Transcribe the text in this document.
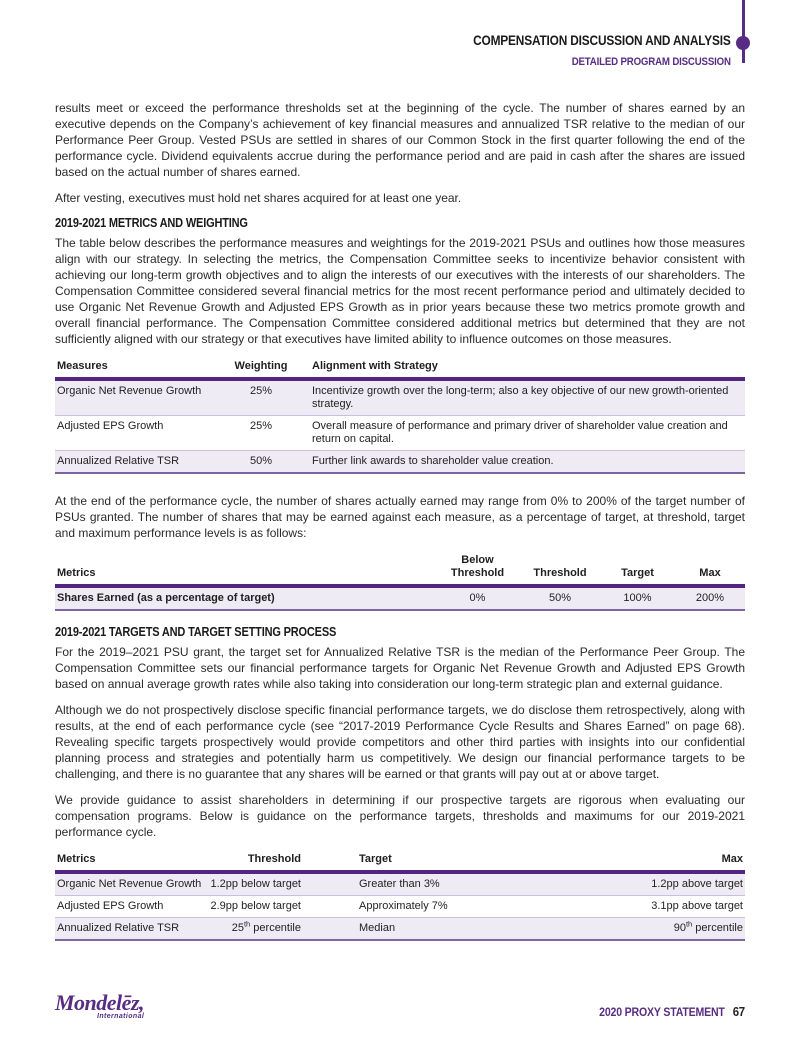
COMPENSATION DISCUSSION AND ANALYSIS
DETAILED PROGRAM DISCUSSION

results meet or exceed the performance thresholds set at the beginning of the cycle. The number of shares earned by an executive depends on the Company’s achievement of key financial measures and annualized TSR relative to the median of our Performance Peer Group. Vested PSUs are settled in shares of our Common Stock in the first quarter following the end of the performance cycle. Dividend equivalents accrue during the performance period and are paid in cash after the shares are issued based on the actual number of shares earned.

After vesting, executives must hold net shares acquired for at least one year.

2019-2021 METRICS AND WEIGHTING

The table below describes the performance measures and weightings for the 2019-2021 PSUs and outlines how those measures align with our strategy. In selecting the metrics, the Compensation Committee seeks to incentivize behavior consistent with achieving our long-term growth objectives and to align the interests of our executives with the interests of our shareholders. The Compensation Committee considered several financial metrics for the most recent performance period and ultimately decided to use Organic Net Revenue Growth and Adjusted EPS Growth as in prior years because these two metrics promote growth and overall financial performance. The Compensation Committee considered additional metrics but determined that they are not sufficiently aligned with our strategy or that executives have limited ability to influence outcomes on those measures.

Measures	Weighting	Alignment with Strategy
Organic Net Revenue Growth	25%	Incentivize growth over the long-term; also a key objective of our new growth-oriented strategy.
Adjusted EPS Growth	25%	Overall measure of performance and primary driver of shareholder value creation and return on capital.
Annualized Relative TSR	50%	Further link awards to shareholder value creation.

At the end of the performance cycle, the number of shares actually earned may range from 0% to 200% of the target number of PSUs granted. The number of shares that may be earned against each measure, as a percentage of target, at threshold, target and maximum performance levels is as follows:

Metrics	Below Threshold	Threshold	Target	Max
Shares Earned (as a percentage of target)	0%	50%	100%	200%
2019-2021 TARGETS AND TARGET SETTING PROCESS

For the 2019–2021 PSU grant, the target set for Annualized Relative TSR is the median of the Performance Peer Group. The Compensation Committee sets our financial performance targets for Organic Net Revenue Growth and Adjusted EPS Growth based on annual average growth rates while also taking into consideration our long-term strategic plan and external guidance.

Although we do not prospectively disclose specific financial performance targets, we do disclose them retrospectively, along with results, at the end of each performance cycle (see “2017-2019 Performance Cycle Results and Shares Earned” on page 68). Revealing specific targets prospectively would provide competitors and other third parties with insights into our confidential planning process and strategies and potentially harm us competitively. We design our financial performance targets to be challenging, and there is no guarantee that any shares will be earned or that grants will pay out at or above target.

We provide guidance to assist shareholders in determining if our prospective targets are rigorous when evaluating our compensation programs. Below is guidance on the performance targets, thresholds and maximums for our 2019-2021 performance cycle.

Metrics	Threshold	Target	Max
Organic Net Revenue Growth	1.2pp below target	Greater than 3%	1.2pp above target
Adjusted EPS Growth	2.9pp below target	Approximately 7%	3.1pp above target
Annualized Relative TSR	25th percentile	Median	90th percentile
Mondelēz,
International	2020 PROXY STATEMENT 67
